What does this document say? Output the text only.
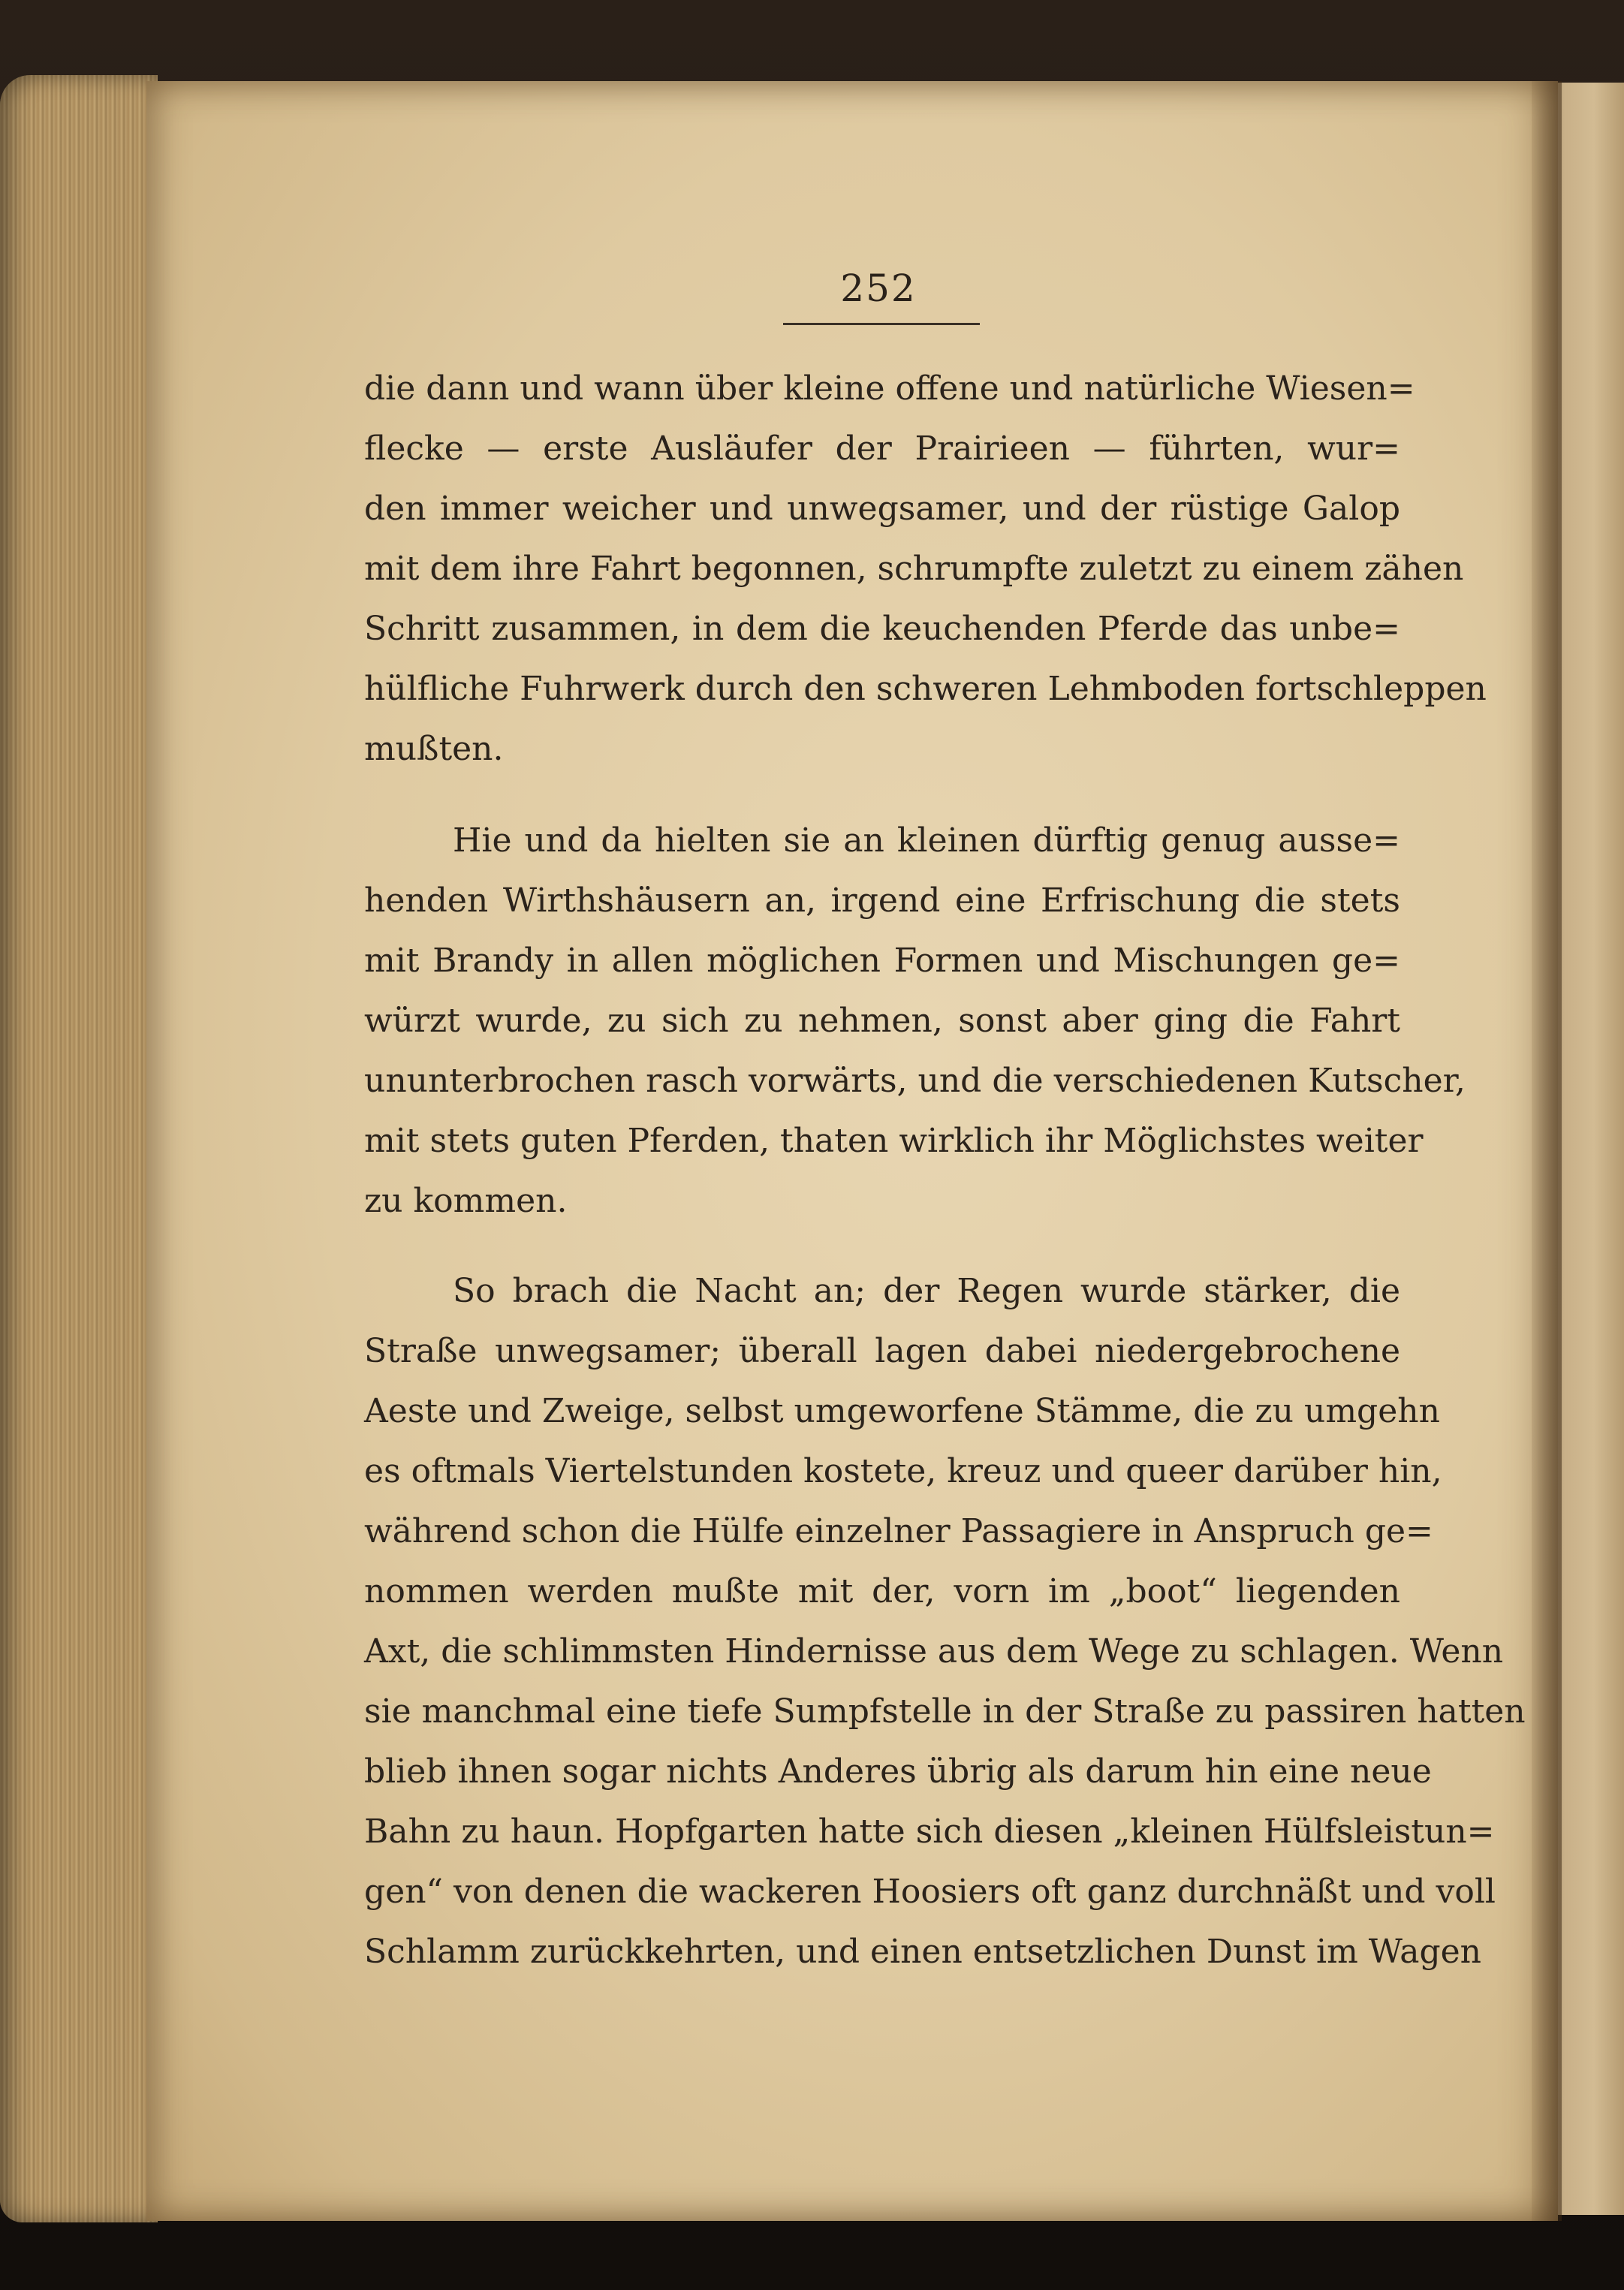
252
die dann und wann über kleine offene und natürliche Wiesen=
flecke — erste Ausläufer der Prairieen — führten, wur=
den immer weicher und unwegsamer, und der rüstige Galop
mit dem ihre Fahrt begonnen, schrumpfte zuletzt zu einem zähen
Schritt zusammen, in dem die keuchenden Pferde das unbe=
hülfliche Fuhrwerk durch den schweren Lehmboden fortschleppen
mußten.
Hie und da hielten sie an kleinen dürftig genug ausse=
henden Wirthshäusern an, irgend eine Erfrischung die stets
mit Brandy in allen möglichen Formen und Mischungen ge=
würzt wurde, zu sich zu nehmen, sonst aber ging die Fahrt
ununterbrochen rasch vorwärts, und die verschiedenen Kutscher,
mit stets guten Pferden, thaten wirklich ihr Möglichstes weiter
zu kommen.
So brach die Nacht an; der Regen wurde stärker, die
Straße unwegsamer; überall lagen dabei niedergebrochene
Aeste und Zweige, selbst umgeworfene Stämme, die zu umgehn
es oftmals Viertelstunden kostete, kreuz und queer darüber hin,
während schon die Hülfe einzelner Passagiere in Anspruch ge=
nommen werden mußte mit der, vorn im „boot“ liegenden
Axt, die schlimmsten Hindernisse aus dem Wege zu schlagen. Wenn
sie manchmal eine tiefe Sumpfstelle in der Straße zu passiren hatten
blieb ihnen sogar nichts Anderes übrig als darum hin eine neue
Bahn zu haun. Hopfgarten hatte sich diesen „kleinen Hülfsleistun=
gen“ von denen die wackeren Hoosiers oft ganz durchnäßt und voll
Schlamm zurückkehrten, und einen entsetzlichen Dunst im Wagen
